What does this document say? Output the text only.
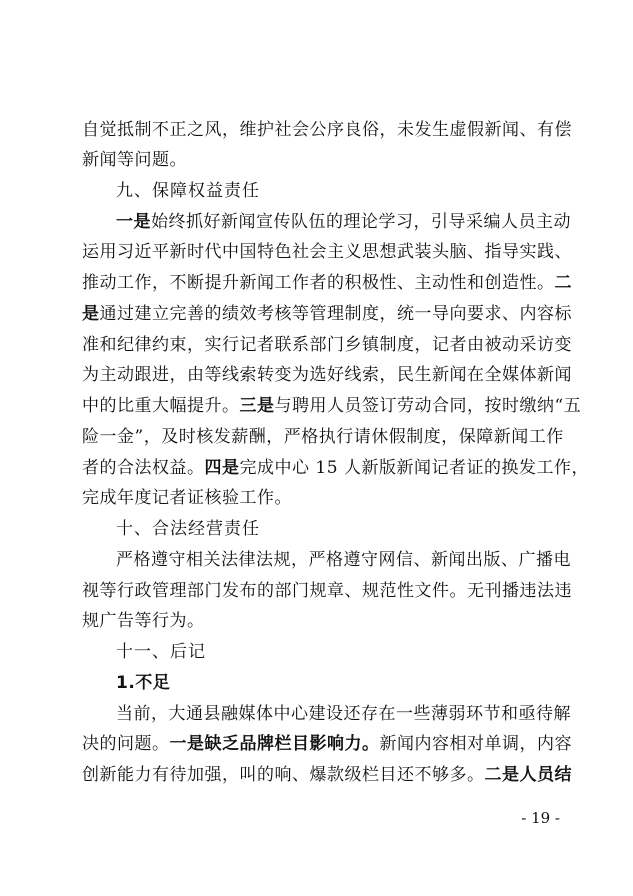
自觉抵制不正之风，维护社会公序良俗，未发生虚假新闻、有偿
新闻等问题。
九、保障权益责任
一是始终抓好新闻宣传队伍的理论学习，引导采编人员主动
运用习近平新时代中国特色社会主义思想武装头脑、指导实践、
推动工作，不断提升新闻工作者的积极性、主动性和创造性。二
是通过建立完善的绩效考核等管理制度，统一导向要求、内容标
准和纪律约束，实行记者联系部门乡镇制度，记者由被动采访变
为主动跟进，由等线索转变为选好线索，民生新闻在全媒体新闻
中的比重大幅提升。三是与聘用人员签订劳动合同，按时缴纳“五
险一金”，及时核发薪酬，严格执行请休假制度，保障新闻工作
者的合法权益。四是完成中心 15 人新版新闻记者证的换发工作，
完成年度记者证核验工作。
十、合法经营责任
严格遵守相关法律法规，严格遵守网信、新闻出版、广播电
视等行政管理部门发布的部门规章、规范性文件。无刊播违法违
规广告等行为。
十一、后记
1.不足
当前，大通县融媒体中心建设还存在一些薄弱环节和亟待解
决的问题。一是缺乏品牌栏目影响力。新闻内容相对单调，内容
创新能力有待加强，叫的响、爆款级栏目还不够多。二是人员结
- 19 -
